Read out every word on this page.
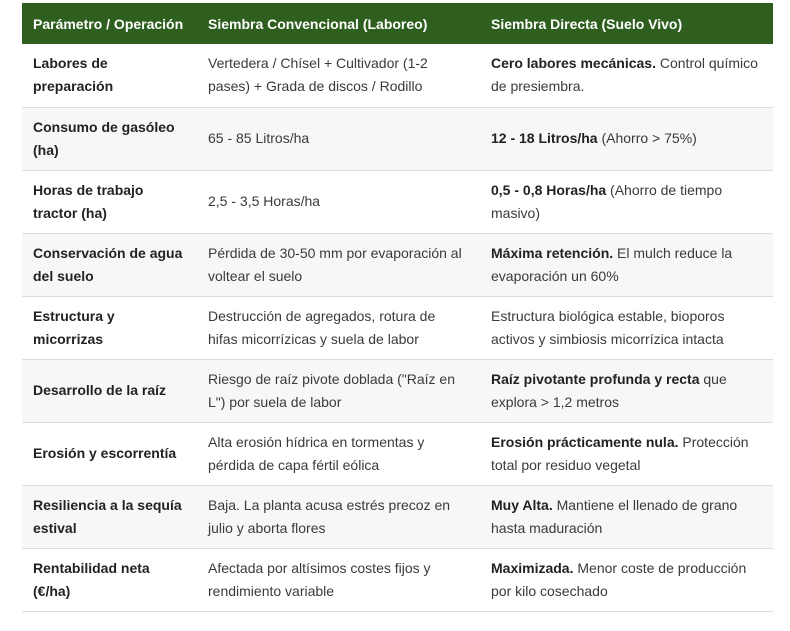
Parámetro / Operación	Siembra Convencional (Laboreo)	Siembra Directa (Suelo Vivo)
Labores de preparación	Vertedera / Chísel + Cultivador (1-2 pases) + Grada de discos / Rodillo	Cero labores mecánicas. Control químico de presiembra.
Consumo de gasóleo (ha)	65 - 85 Litros/ha	12 - 18 Litros/ha (Ahorro > 75%)
Horas de trabajo tractor (ha)	2,5 - 3,5 Horas/ha	0,5 - 0,8 Horas/ha (Ahorro de tiempo masivo)
Conservación de agua del suelo	Pérdida de 30-50 mm por evaporación al voltear el suelo	Máxima retención. El mulch reduce la evaporación un 60%
Estructura y micorrizas	Destrucción de agregados, rotura de hifas micorrízicas y suela de labor	Estructura biológica estable, bioporos activos y simbiosis micorrízica intacta
Desarrollo de la raíz	Riesgo de raíz pivote doblada ("Raíz en L") por suela de labor	Raíz pivotante profunda y recta que explora > 1,2 metros
Erosión y escorrentía	Alta erosión hídrica en tormentas y pérdida de capa fértil eólica	Erosión prácticamente nula. Protección total por residuo vegetal
Resiliencia a la sequía estival	Baja. La planta acusa estrés precoz en julio y aborta flores	Muy Alta. Mantiene el llenado de grano hasta maduración
Rentabilidad neta (€/ha)	Afectada por altísimos costes fijos y rendimiento variable	Maximizada. Menor coste de producción por kilo cosechado
